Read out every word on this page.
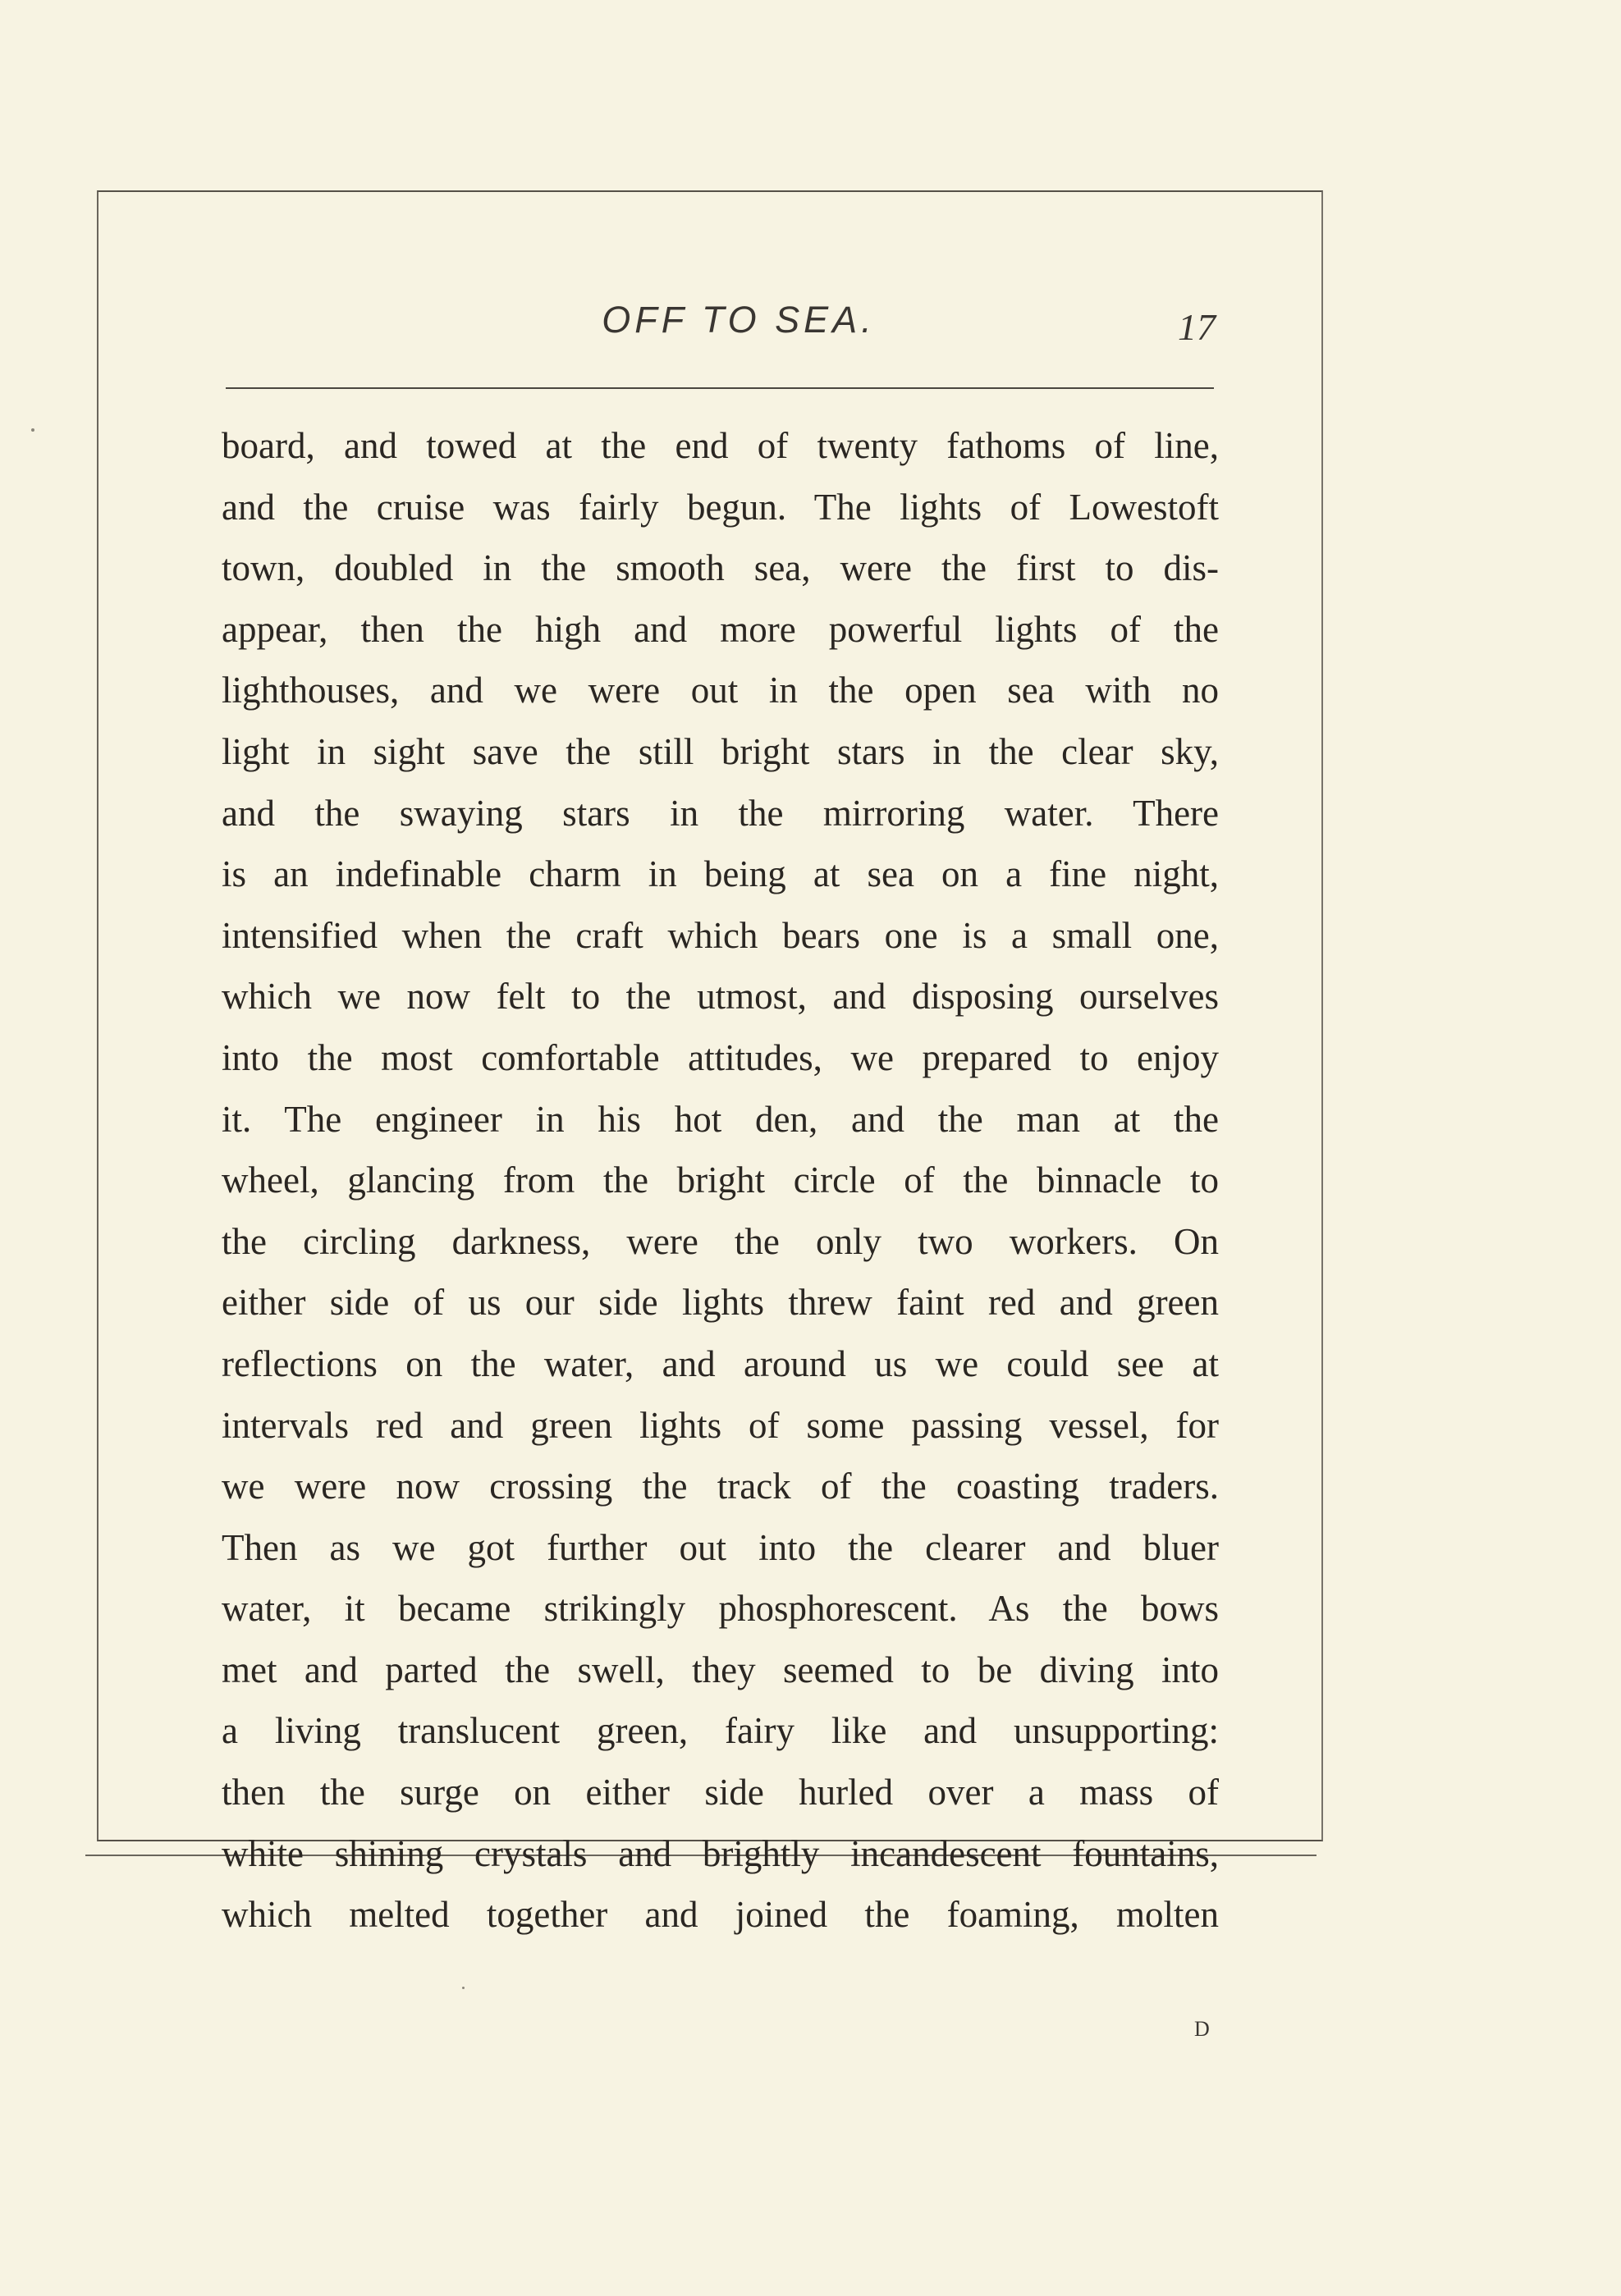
OFF TO SEA.	17
board, and towed at the end of twenty fathoms of line,
and the cruise was fairly begun. The lights of Lowestoft
town, doubled in the smooth sea, were the first to dis-
appear, then the high and more powerful lights of the
lighthouses, and we were out in the open sea with no
light in sight save the still bright stars in the clear sky,
and the swaying stars in the mirroring water. There
is an indefinable charm in being at sea on a fine night,
intensified when the craft which bears one is a small one,
which we now felt to the utmost, and disposing ourselves
into the most comfortable attitudes, we prepared to enjoy
it. The engineer in his hot den, and the man at the
wheel, glancing from the bright circle of the binnacle to
the circling darkness, were the only two workers. On
either side of us our side lights threw faint red and green
reflections on the water, and around us we could see at
intervals red and green lights of some passing vessel, for
we were now crossing the track of the coasting traders.
Then as we got further out into the clearer and bluer
water, it became strikingly phosphorescent. As the bows
met and parted the swell, they seemed to be diving into
a living translucent green, fairy like and unsupporting:
then the surge on either side hurled over a mass of
white shining crystals and brightly incandescent fountains,
which melted together and joined the foaming, molten
D
